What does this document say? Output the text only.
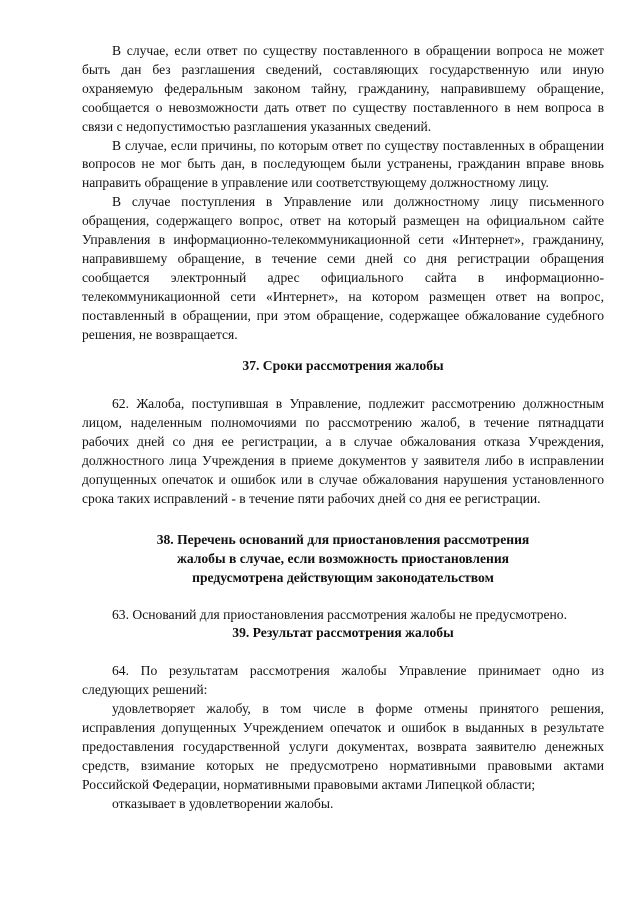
В случае, если ответ по существу поставленного в обращении вопроса не может быть дан без разглашения сведений, составляющих государственную или иную охраняемую федеральным законом тайну, гражданину, направившему обращение, сообщается о невозможности дать ответ по существу поставленного в нем вопроса в связи с недопустимостью разглашения указанных сведений.

В случае, если причины, по которым ответ по существу поставленных в обращении вопросов не мог быть дан, в последующем были устранены, гражданин вправе вновь направить обращение в управление или соответствующему должностному лицу.

В случае поступления в Управление или должностному лицу письменного обращения, содержащего вопрос, ответ на который размещен на официальном сайте Управления в информационно-телекоммуникационной сети «Интернет», гражданину, направившему обращение, в течение семи дней со дня регистрации обращения сообщается электронный адрес официального сайта в информационно-телекоммуникационной сети «Интернет», на котором размещен ответ на вопрос, поставленный в обращении, при этом обращение, содержащее обжалование судебного решения, не возвращается.

37. Сроки рассмотрения жалобы

62. Жалоба, поступившая в Управление, подлежит рассмотрению должностным лицом, наделенным полномочиями по рассмотрению жалоб, в течение пятнадцати рабочих дней со дня ее регистрации, а в случае обжалования отказа Учреждения, должностного лица Учреждения в приеме документов у заявителя либо в исправлении допущенных опечаток и ошибок или в случае обжалования нарушения установленного срока таких исправлений - в течение пяти рабочих дней со дня ее регистрации.

38. Перечень оснований для приостановления рассмотрения
жалобы в случае, если возможность приостановления
предусмотрена действующим законодательством

63. Оснований для приостановления рассмотрения жалобы не предусмотрено.

39. Результат рассмотрения жалобы

64. По результатам рассмотрения жалобы Управление принимает одно из следующих решений:

удовлетворяет жалобу, в том числе в форме отмены принятого решения, исправления допущенных Учреждением опечаток и ошибок в выданных в результате предоставления государственной услуги документах, возврата заявителю денежных средств, взимание которых не предусмотрено нормативными правовыми актами Российской Федерации, нормативными правовыми актами Липецкой области;

отказывает в удовлетворении жалобы.
